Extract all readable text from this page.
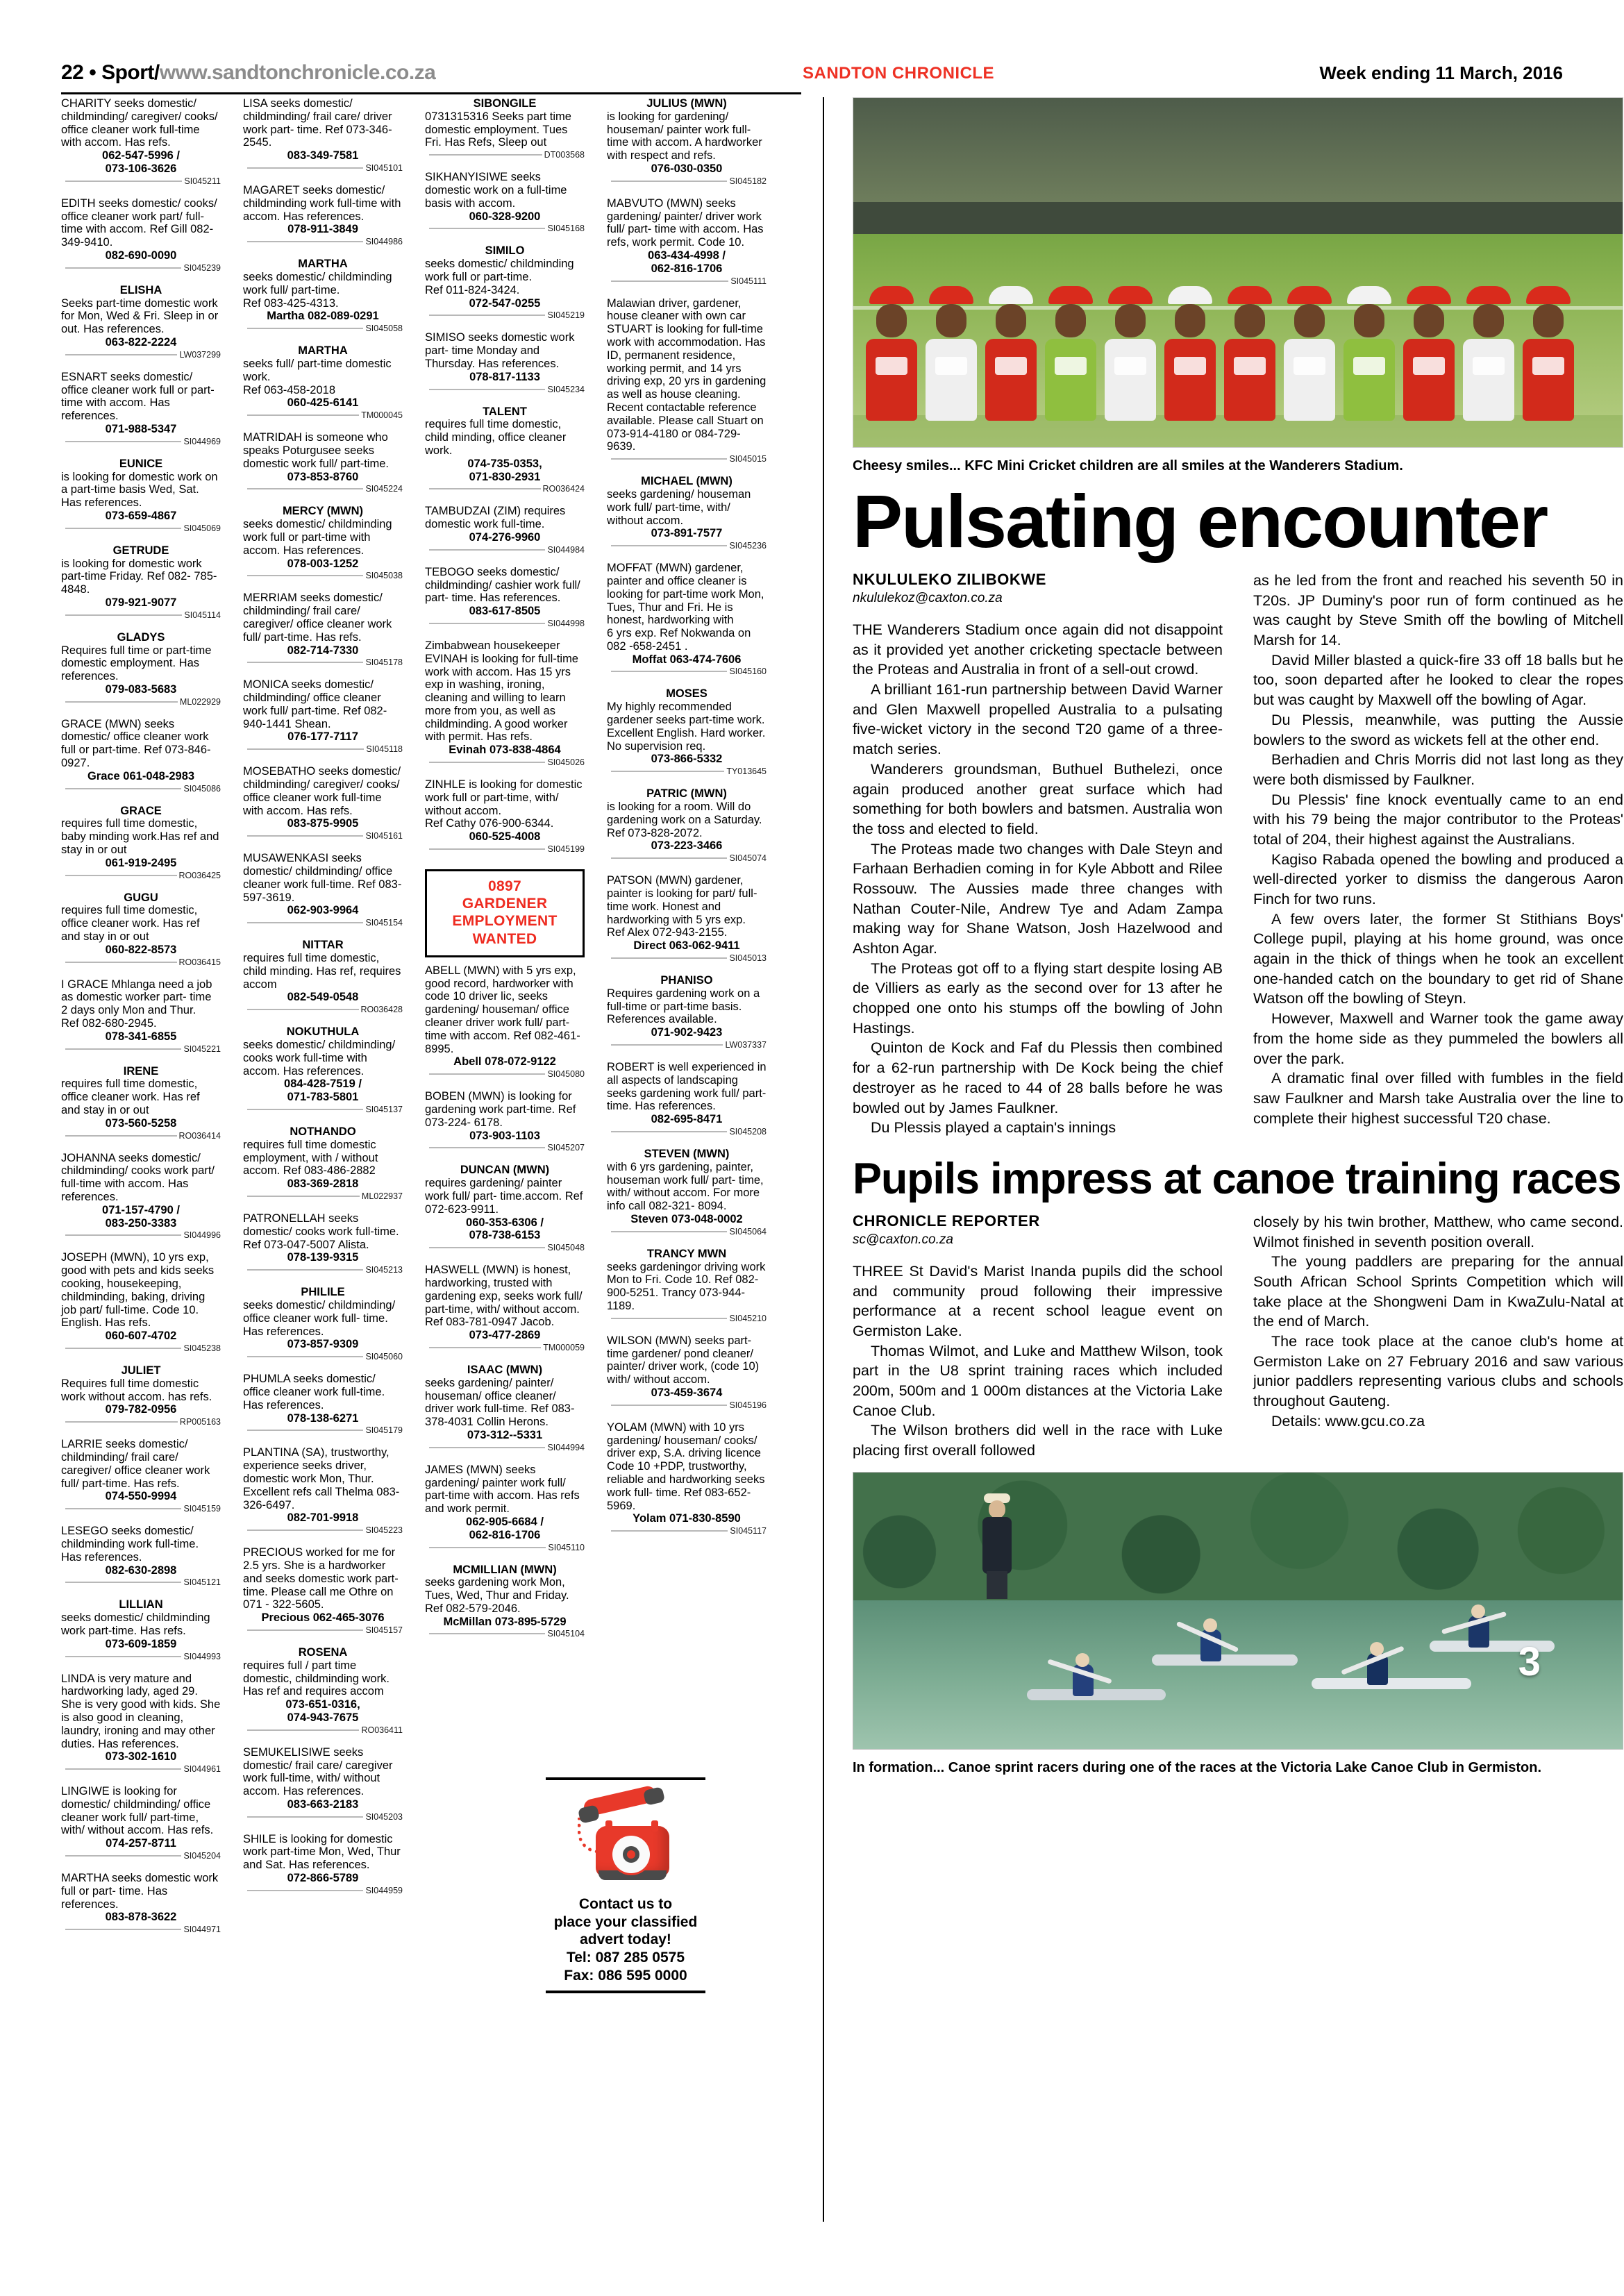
22 • Sport/www.sandtonchronicle.co.za	SANDTON CHRONICLE	Week ending 11 March, 2016
CHARITY seeks domestic/ childminding/ caregiver/ cooks/ office cleaner work full-time with accom. Has refs.
062-547-5996 /
073-106-3626
SI045211
EDITH seeks domestic/ cooks/ office cleaner work part/ full-time with accom. Ref Gill 082-349-9410.
082-690-0090
SI045239
ELISHA
Seeks part-time domestic work for Mon, Wed & Fri. Sleep in or out. Has references.
063-822-2224
LW037299
ESNART seeks domestic/ office cleaner work full or part- time with accom. Has references.
071-988-5347
SI044969
EUNICE
is looking for domestic work on a part-time basis Wed, Sat. Has references.
073-659-4867
SI045069
GETRUDE
is looking for domestic work part-time Friday. Ref 082- 785-4848.
079-921-9077
SI045114
GLADYS
Requires full time or part-time domestic employment. Has references.
079-083-5683
ML022929
GRACE (MWN) seeks domestic/ office cleaner work full or part-time. Ref 073-846-0927.
Grace 061-048-2983
SI045086
GRACE
requires full time domestic, baby minding work.Has ref and stay in or out
061-919-2495
RO036425
GUGU
requires full time domestic, office cleaner work. Has ref and stay in or out
060-822-8573
RO036415
I GRACE Mhlanga need a job as domestic worker part- time 2 days only Mon and Thur.
Ref 082-680-2945.
078-341-6855
SI045221
IRENE
requires full time domestic, office cleaner work. Has ref and stay in or out
073-560-5258
RO036414
JOHANNA seeks domestic/ childminding/ cooks work part/ full-time with accom. Has references.
071-157-4790 /
083-250-3383
SI044996
JOSEPH (MWN), 10 yrs exp, good with pets and kids seeks cooking, housekeeping, childminding, baking, driving job part/ full-time. Code 10. English. Has refs.
060-607-4702
SI045238
JULIET
Requires full time domestic work without accom. has refs.
079-782-0956
RP005163
LARRIE seeks domestic/ childminding/ frail care/ caregiver/ office cleaner work full/ part-time. Has refs.
074-550-9994
SI045159
LESEGO seeks domestic/ childminding work full-time. Has references.
082-630-2898
SI045121
LILLIAN
seeks domestic/ childminding work part-time. Has refs.
073-609-1859
SI044993
LINDA is very mature and hardworking lady, aged 29. She is very good with kids. She is also good in cleaning, laundry, ironing and may other duties. Has references.
073-302-1610
SI044961
LINGIWE is looking for domestic/ childminding/ office cleaner work full/ part-time, with/ without accom. Has refs.
074-257-8711
SI045204
MARTHA seeks domestic work full or part- time. Has references.
083-878-3622
SI044971
LISA seeks domestic/ childminding/ frail care/ driver work part- time. Ref 073-346-2545.
083-349-7581
SI045101
MAGARET seeks domestic/ childminding work full-time with accom. Has references.
078-911-3849
SI044986
MARTHA
seeks domestic/ childminding work full/ part-time.
Ref 083-425-4313.
Martha 082-089-0291
SI045058
MARTHA
seeks full/ part-time domestic work.
Ref 063-458-2018
060-425-6141
TM000045
MATRIDAH is someone who speaks Poturgusee seeks domestic work full/ part-time.
073-853-8760
SI045224
MERCY (MWN)
seeks domestic/ childminding work full or part-time with accom. Has references.
078-003-1252
SI045038
MERRIAM seeks domestic/ childminding/ frail care/ caregiver/ office cleaner work full/ part-time. Has refs.
082-714-7330
SI045178
MONICA seeks domestic/ childminding/ office cleaner work full/ part-time. Ref 082-940-1441 Shean.
076-177-7117
SI045118
MOSEBATHO seeks domestic/ childminding/ caregiver/ cooks/ office cleaner work full-time with accom. Has refs.
083-875-9905
SI045161
MUSAWENKASI seeks domestic/ childminding/ office cleaner work full-time. Ref 083-597-3619.
062-903-9964
SI045154
NITTAR
requires full time domestic, child minding. Has ref, requires accom
082-549-0548
RO036428
NOKUTHULA
seeks domestic/ childminding/ cooks work full-time with accom. Has references.
084-428-7519 /
071-783-5801
SI045137
NOTHANDO
requires full time domestic employment, with / without accom. Ref 083-486-2882
083-369-2818
ML022937
PATRONELLAH seeks domestic/ cooks work full-time. Ref 073-047-5007 Alista.
078-139-9315
SI045213
PHILILE
seeks domestic/ childminding/ office cleaner work full- time. Has references.
073-857-9309
SI045060
PHUMLA seeks domestic/ office cleaner work full-time. Has references.
078-138-6271
SI045179
PLANTINA (SA), trustworthy, experience seeks driver, domestic work Mon, Thur. Excellent refs call Thelma 083-326-6497.
082-701-9918
SI045223
PRECIOUS worked for me for 2.5 yrs. She is a hardworker and seeks domestic work part-time. Please call me Othre on 071 - 322-5605.
Precious 062-465-3076
SI045157
ROSENA
requires full / part time domestic, childminding work. Has ref and requires accom
073-651-0316,
074-943-7675
RO036411
SEMUKELISIWE seeks domestic/ frail care/ caregiver work full-time, with/ without accom. Has references.
083-663-2183
SI045203
SHILE is looking for domestic work part-time Mon, Wed, Thur and Sat. Has references.
072-866-5789
SI044959
SIBONGILE
0731315316 Seeks part time domestic employment. Tues Fri. Has Refs, Sleep out
DT003568
SIKHANYISIWE seeks domestic work on a full-time basis with accom.
060-328-9200
SI045168
SIMILO
seeks domestic/ childminding work full or part-time.
Ref 011-824-3424.
072-547-0255
SI045219
SIMISO seeks domestic work part- time Monday and Thursday. Has references.
078-817-1133
SI045234
TALENT
requires full time domestic, child minding, office cleaner work.
074-735-0353,
071-830-2931
RO036424
TAMBUDZAI (ZIM) requires domestic work full-time.
074-276-9960
SI044984
TEBOGO seeks domestic/ childminding/ cashier work full/ part- time. Has references.
083-617-8505
SI044998
Zimbabwean housekeeper EVINAH is looking for full-time work with accom. Has 15 yrs exp in washing, ironing, cleaning and willing to learn more from you, as well as childminding. A good worker with permit. Has refs.
Evinah 073-838-4864
SI045026
ZINHLE is looking for domestic work full or part-time, with/ without accom.
Ref Cathy 076-900-6344.
060-525-4008
SI045199
0897
GARDENER
EMPLOYMENT
WANTED
ABELL (MWN) with 5 yrs exp, good record, hardworker with code 10 driver lic, seeks gardening/ houseman/ office cleaner driver work full/ part-time with accom. Ref 082-461-8995.
Abell 078-072-9122
SI045080
BOBEN (MWN) is looking for gardening work part-time. Ref 073-224- 6178.
073-903-1103
SI045207
DUNCAN (MWN)
requires gardening/ painter work full/ part- time.accom. Ref 072-623-9911.
060-353-6306 /
078-738-6153
SI045048
HASWELL (MWN) is honest, hardworking, trusted with gardening exp, seeks work full/ part-time, with/ without accom. Ref 083-781-0947 Jacob.
073-477-2869
TM000059
ISAAC (MWN)
seeks gardening/ painter/ houseman/ office cleaner/ driver work full-time. Ref 083-378-4031 Collin Herons.
073-312--5331
SI044994
JAMES (MWN) seeks gardening/ painter work full/ part-time with accom. Has refs and work permit.
062-905-6684 /
062-816-1706
SI045110
MCMILLIAN (MWN)
seeks gardening work Mon, Tues, Wed, Thur and Friday.
Ref 082-579-2046.
McMillan 073-895-5729
SI045104
JULIUS (MWN)
is looking for gardening/ houseman/ painter work full- time with accom. A hardworker with respect and refs.
076-030-0350
SI045182
MABVUTO (MWN) seeks gardening/ painter/ driver work full/ part- time with accom. Has refs, work permit. Code 10.
063-434-4998 /
062-816-1706
SI045111
Malawian driver, gardener, house cleaner with own car STUART is looking for full-time work with accommodation. Has ID, permanent residence, working permit, and 14 yrs driving exp, 20 yrs in gardening as well as house cleaning. Recent contactable reference available. Please call Stuart on 073-914-4180 or 084-729-9639.
SI045015
MICHAEL (MWN)
seeks gardening/ houseman work full/ part-time, with/ without accom.
073-891-7577
SI045236
MOFFAT (MWN) gardener, painter and office cleaner is looking for part-time work Mon, Tues, Thur and Fri. He is honest, hardworking with
6 yrs exp. Ref Nokwanda on
082 -658-2451 .
Moffat 063-474-7606
SI045160
MOSES
My highly recommended gardener seeks part-time work. Excellent English. Hard worker. No supervision req.
073-866-5332
TY013645
PATRIC (MWN)
is looking for a room. Will do gardening work on a Saturday.
Ref 073-828-2072.
073-223-3466
SI045074
PATSON (MWN) gardener, painter is looking for part/ full-time work. Honest and hardworking with 5 yrs exp. Ref Alex 072-943-2155.
Direct 063-062-9411
SI045013
PHANISO
Requires gardening work on a full-time or part-time basis. References available.
071-902-9423
LW037337
ROBERT is well experienced in all aspects of landscaping seeks gardening work full/ part-time. Has references.
082-695-8471
SI045208
STEVEN (MWN)
with 6 yrs gardening, painter, houseman work full/ part- time, with/ without accom. For more info call 082-321- 8094.
Steven 073-048-0002
SI045064
TRANCY MWN
seeks gardeningor driving work Mon to Fri. Code 10. Ref 082-900-5251. Trancy 073-944- 1189.
SI045210
WILSON (MWN) seeks part-time gardener/ pond cleaner/ painter/ driver work, (code 10) with/ without accom.
073-459-3674
SI045196
YOLAM (MWN) with 10 yrs gardening/ houseman/ cooks/ driver exp, S.A. driving licence Code 10 +PDP, trustworthy, reliable and hardworking seeks work full- time. Ref 083-652-5969.
Yolam 071-830-8590
SI045117
Contact us to
place your classified
advert today!
Tel: 087 285 0575
Fax: 086 595 0000
Cheesy smiles... KFC Mini Cricket children are all smiles at the Wanderers Stadium.
Pulsating encounter
NKULULEKO ZILIBOKWE
nkululekoz@caxton.co.za

THE Wanderers Stadium once again did not disappoint as it provided yet another cricketing spectacle between the Proteas and Australia in front of a sell-out crowd.

A brilliant 161-run partnership between David Warner and Glen Maxwell propelled Australia to a pulsating five-wicket victory in the second T20 game of a three-match series.

Wanderers groundsman, Buthuel Buthelezi, once again produced another great surface which had something for both bowlers and batsmen. Australia won the toss and elected to field.

The Proteas made two changes with Dale Steyn and Farhaan Berhadien coming in for Kyle Abbott and Rilee Rossouw. The Aussies made three changes with Nathan Couter-Nile, Andrew Tye and Adam Zampa making way for Shane Watson, Josh Hazelwood and Ashton Agar.

The Proteas got off to a flying start despite losing AB de Villiers as early as the second over for 13 after he chopped one onto his stumps off the bowling of John Hastings.

Quinton de Kock and Faf du Plessis then combined for a 62-run partnership with De Kock being the chief destroyer as he raced to 44 of 28 balls before he was bowled out by James Faulkner.

Du Plessis played a captain's innings

as he led from the front and reached his seventh 50 in T20s. JP Duminy's poor run of form continued as he was caught by Steve Smith off the bowling of Mitchell Marsh for 14.

David Miller blasted a quick-fire 33 off 18 balls but he too, soon departed after he looked to clear the ropes but was caught by Maxwell off the bowling of Agar.

Du Plessis, meanwhile, was putting the Aussie bowlers to the sword as wickets fell at the other end.

Berhadien and Chris Morris did not last long as they were both dismissed by Faulkner.

Du Plessis' fine knock eventually came to an end with his 79 being the major contributor to the Proteas' total of 204, their highest against the Australians.

Kagiso Rabada opened the bowling and produced a well-directed yorker to dismiss the dangerous Aaron Finch for two runs.

A few overs later, the former St Stithians Boys' College pupil, playing at his home ground, was once again in the thick of things when he took an excellent one-handed catch on the boundary to get rid of Shane Watson off the bowling of Steyn.

However, Maxwell and Warner took the game away from the home side as they pummeled the bowlers all over the park.

A dramatic final over filled with fumbles in the field saw Faulkner and Marsh take Australia over the line to complete their highest successful T20 chase.

Pupils impress at canoe training races
CHRONICLE REPORTER
sc@caxton.co.za

THREE St David's Marist Inanda pupils did the school and community proud following their impressive performance at a recent school league event on Germiston Lake.

Thomas Wilmot, and Luke and Matthew Wilson, took part in the U8 sprint training races which included 200m, 500m and 1 000m distances at the Victoria Lake Canoe Club.

The Wilson brothers did well in the race with Luke placing first overall followed

closely by his twin brother, Matthew, who came second. Wilmot finished in seventh position overall.

The young paddlers are preparing for the annual South African School Sprints Competition which will take place at the Shongweni Dam in KwaZulu-Natal at the end of March.

The race took place at the canoe club's home at Germiston Lake on 27 February 2016 and saw various junior paddlers representing various clubs and schools throughout Gauteng.

Details: www.gcu.co.za

3
In formation... Canoe sprint racers during one of the races at the Victoria Lake Canoe Club in Germiston.
